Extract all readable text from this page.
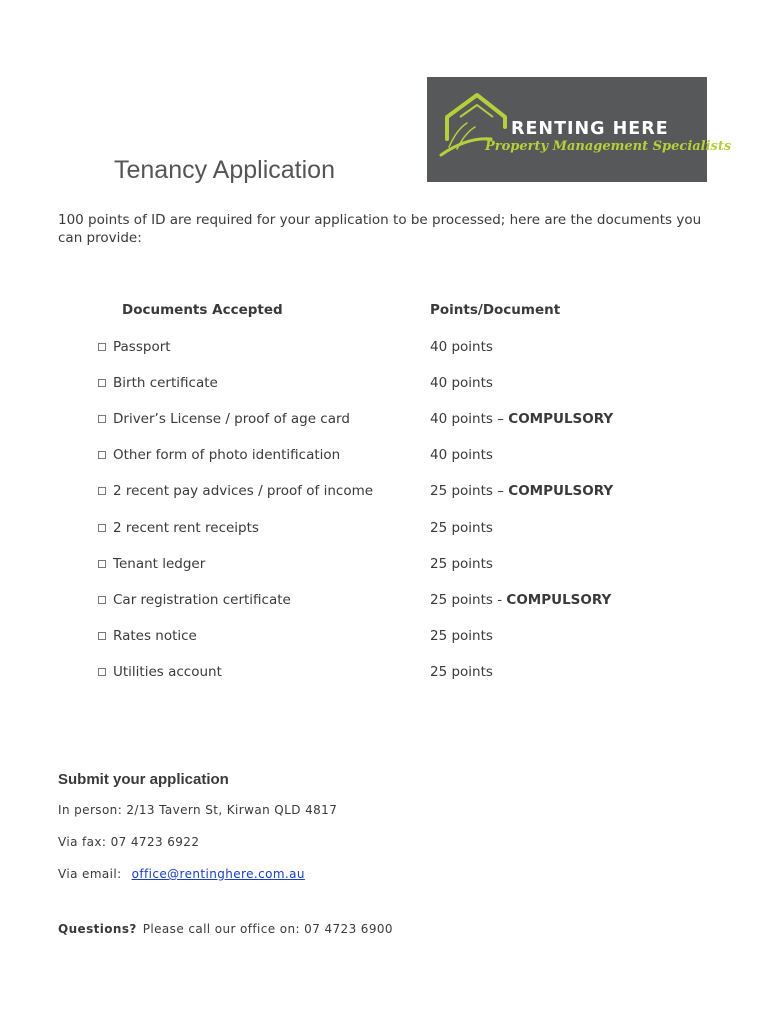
RENTING HERE
Property Management Specialists
Tenancy Application
100 points of ID are required for your application to be processed; here are the documents you can provide:
Documents Accepted	Points/Document
Passport	40 points
Birth certificate	40 points
Driver’s License / proof of age card	40 points – COMPULSORY
Other form of photo identification	40 points
2 recent pay advices / proof of income	25 points – COMPULSORY
2 recent rent receipts	25 points
Tenant ledger	25 points
Car registration certificate	25 points - COMPULSORY
Rates notice	25 points
Utilities account	25 points
Submit your application
In person: 2/13 Tavern St, Kirwan QLD 4817
Via fax: 07 4723 6922
Via email: office@rentinghere.com.au
Questions? Please call our office on: 07 4723 6900
